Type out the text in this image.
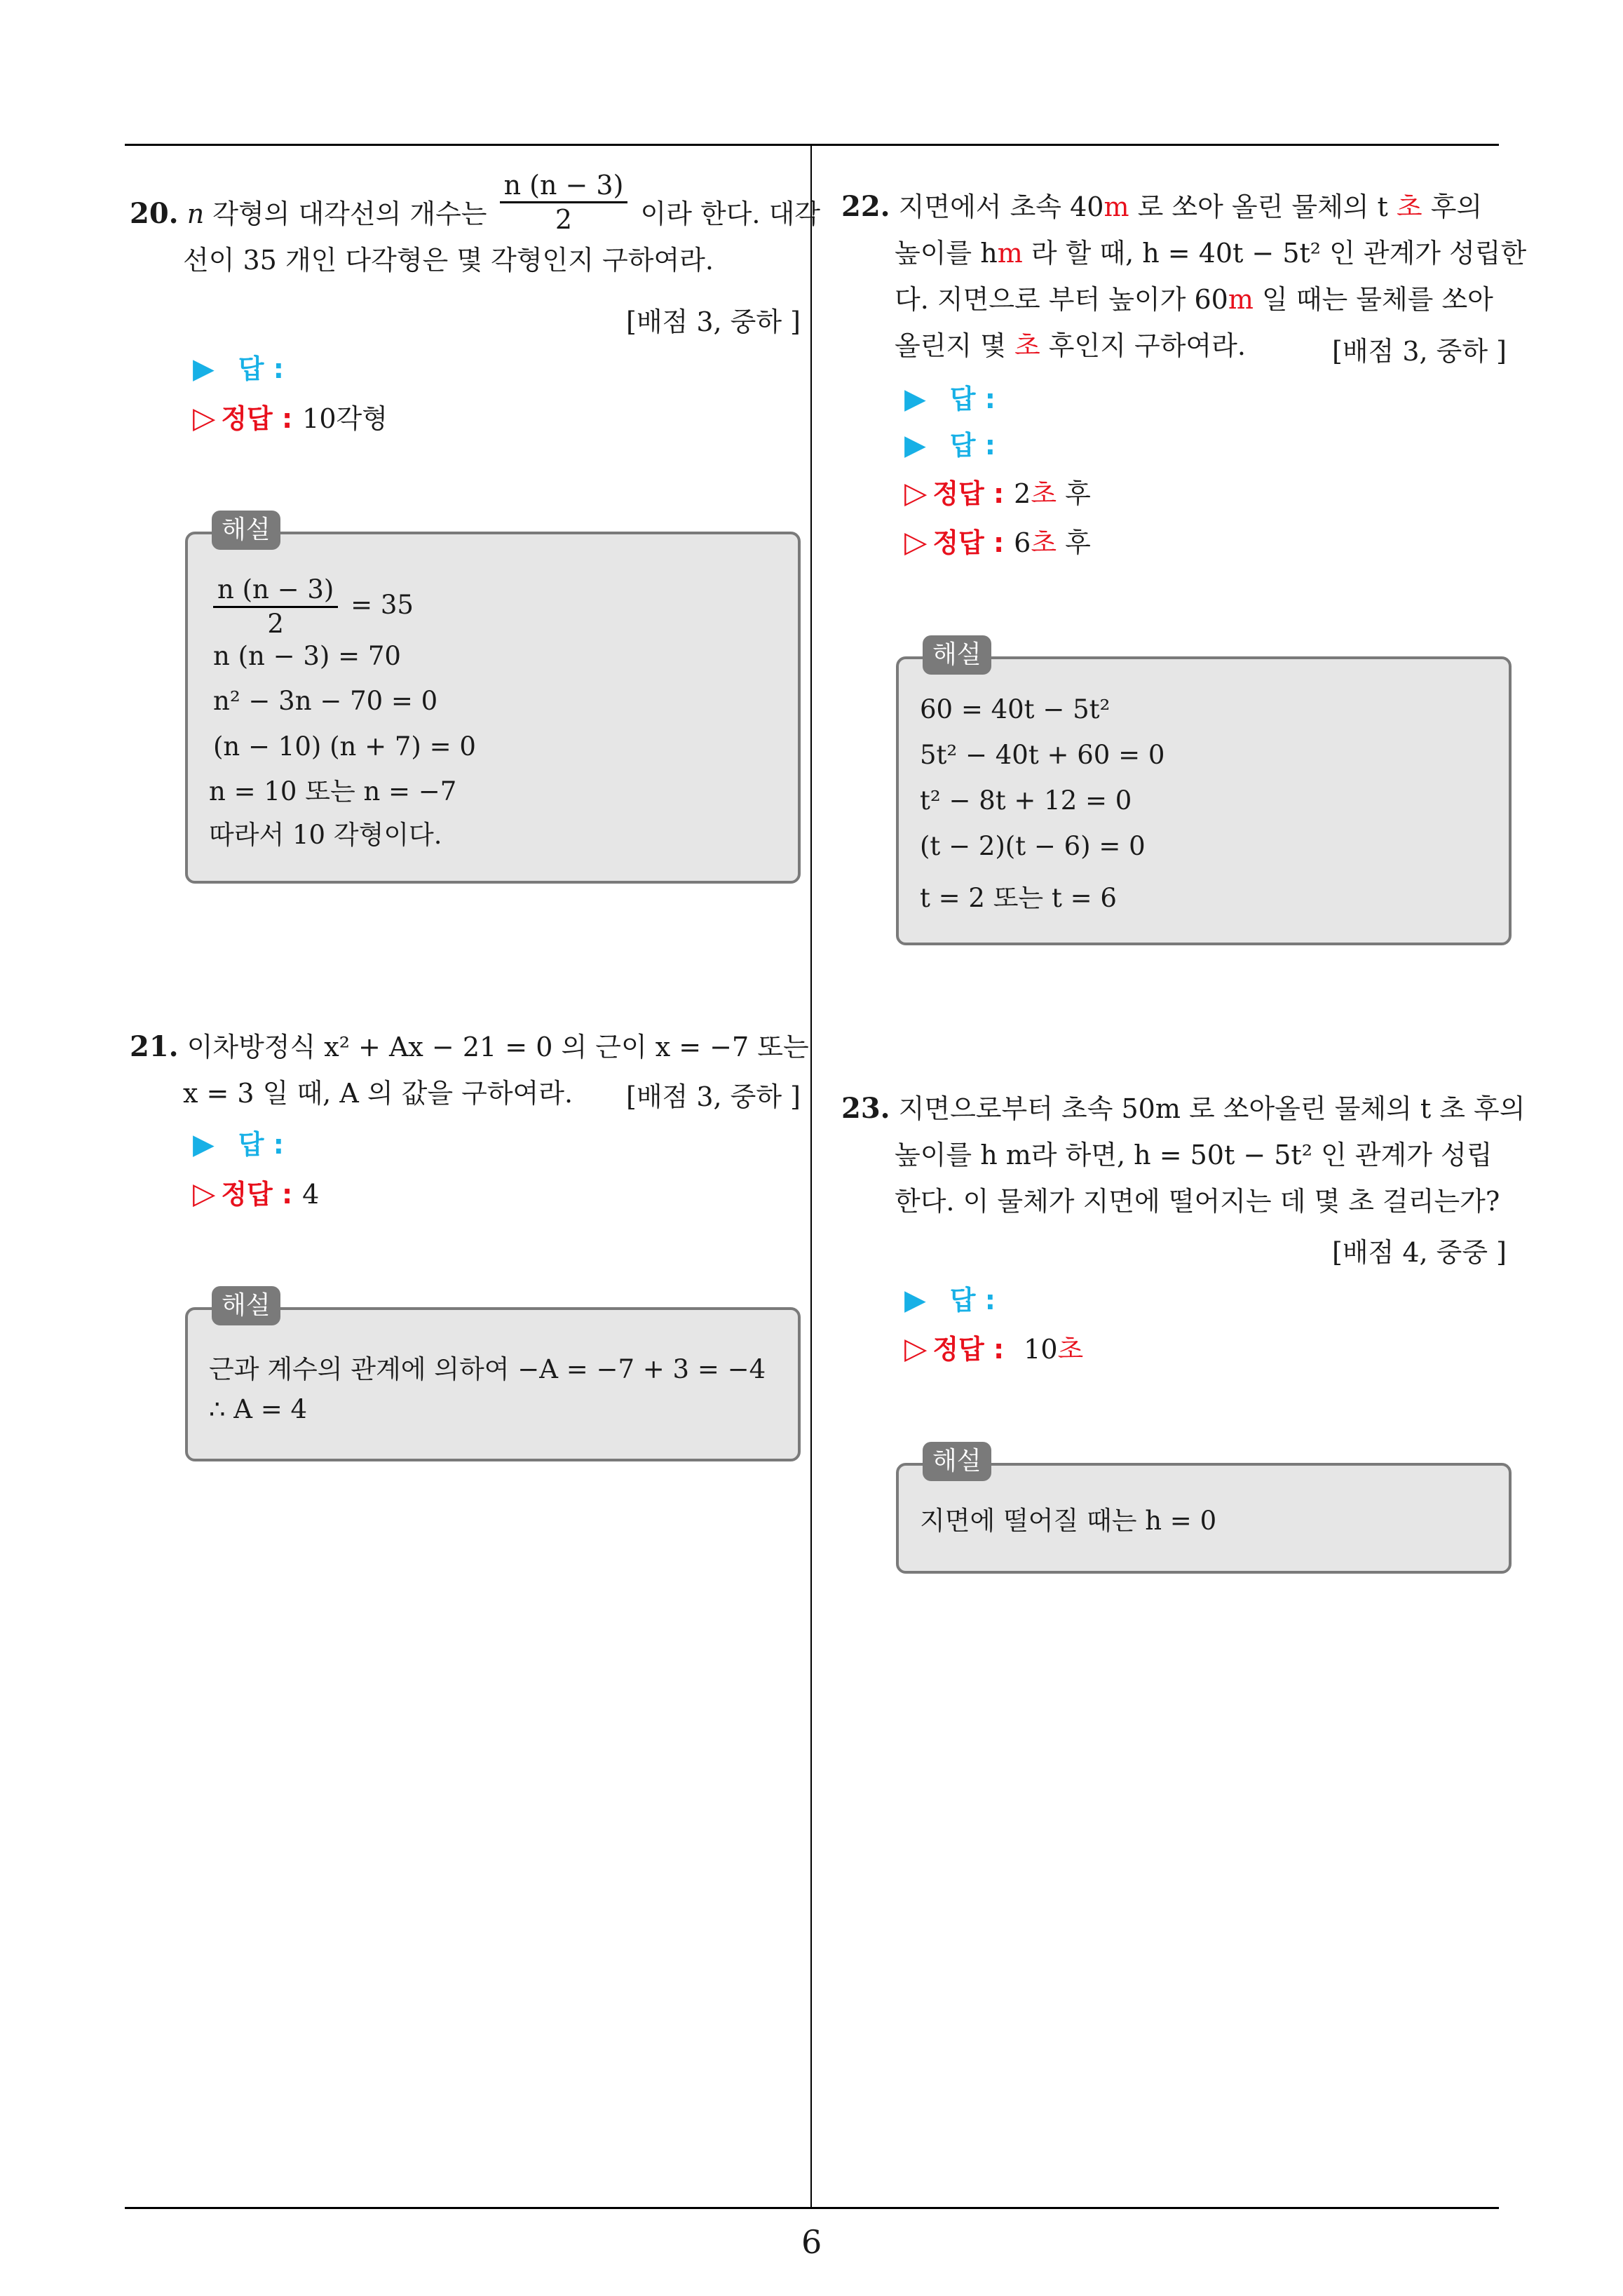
20. n 각형의 대각선의 개수는 $\frac{n (n - 3)}{2}$ 이라 한다. 대각
선이 35 개인 다각형은 몇 각형인지 구하여라.
[배점 3, 중하 ]
▶ 답 :
▷ 정답 : 10각형
해설
$\frac{n (n - 3)}{2} = 35$
n (n − 3) = 70
n² − 3n − 70 = 0
(n − 10) (n + 7) = 0
n = 10 또는 n = −7
따라서 10 각형이다.
21. 이차방정식 x² + Ax − 21 = 0 의 근이 x = −7 또는
x = 3 일 때, A 의 값을 구하여라.	[배점 3, 중하 ]
▶ 답 :
▷ 정답 : 4
해설
근과 계수의 관계에 의하여 −A = −7 + 3 = −4
∴ A = 4
22. 지면에서 초속 40m 로 쏘아 올린 물체의 t 초 후의
높이를 hm 라 할 때, h = 40t − 5t² 인 관계가 성립한
다. 지면으로 부터 높이가 60m 일 때는 물체를 쏘아
올린지 몇 초 후인지 구하여라.	[배점 3, 중하 ]
▶ 답 :
▶ 답 :
▷ 정답 : 2초 후
▷ 정답 : 6초 후
해설
60 = 40t − 5t²
5t² − 40t + 60 = 0
t² − 8t + 12 = 0
(t − 2)(t − 6) = 0
t = 2 또는 t = 6
23. 지면으로부터 초속 50m 로 쏘아올린 물체의 t 초 후의
높이를 h m라 하면, h = 50t − 5t² 인 관계가 성립
한다. 이 물체가 지면에 떨어지는 데 몇 초 걸리는가?
[배점 4, 중중 ]
▶ 답 :
▷ 정답 : 10초
해설
지면에 떨어질 때는 h = 0
6
